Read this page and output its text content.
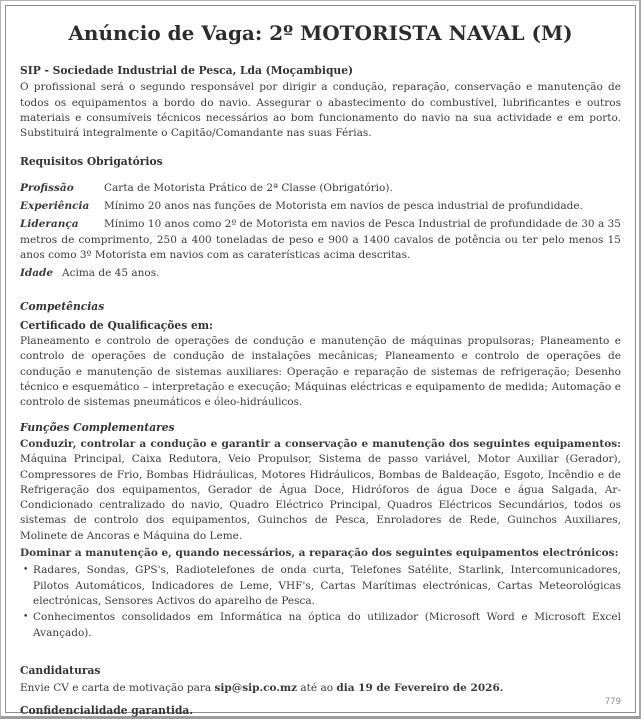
Anúncio de Vaga: 2º MOTORISTA NAVAL (M)
SIP - Sociedade Industrial de Pesca, Lda (Moçambique)

O profissional será o segundo responsável por dirigir a condução, reparação, conservação e manutenção de todos os equipamentos a bordo do navio. Assegurar o abastecimento do combustível, lubrificantes e outros materiais e consumíveis técnicos necessários ao bom funcionamento do navio na sua actividade e em porto. Substituirá integralmente o Capitão/Comandante nas suas Férias.

Requisitos Obrigatórios

Profissão	Carta de Motorista Prático de 2ª Classe (Obrigatório).

Experiência Mínimo 20 anos nas funções de Motorista em navios de pesca industrial de profundidade.

Liderança Mínimo 10 anos como 2º de Motorista em navios de Pesca Industrial de profundidade de 30 a 35 metros de comprimento, 250 a 400 toneladas de peso e 900 a 1400 cavalos de potência ou ter pelo menos 15 anos como 3º Motorista em navios com as caraterísticas acima descritas.

Idade Acima de 45 anos.

Competências
Certificado de Qualificações em:

Planeamento e controlo de operações de condução e manutenção de máquinas propulsoras; Planeamento e controlo de operações de condução de instalações mecânicas; Planeamento e controlo de operações de condução e manutenção de sistemas auxiliares: Operação e reparação de sistemas de refrigeração; Desenho técnico e esquemático – interpretação e execução; Máquinas eléctricas e equipamento de medida; Automação e controlo de sistemas pneumáticos e óleo-hidráulicos.

Funções Complementares

Conduzir, controlar a condução e garantir a conservação e manutenção dos seguintes equipamentos: Máquina Principal, Caixa Redutora, Veio Propulsor, Sistema de passo variável, Motor Auxiliar (Gerador), Compressores de Frio, Bombas Hidráulicas, Motores Hidráulicos, Bombas de Baldeação, Esgoto, Incêndio e de Refrigeração dos equipamentos, Gerador de Água Doce, Hidróforos de água Doce e água Salgada, Ar-Condicionado centralizado do navio, Quadro Eléctrico Principal, Quadros Eléctricos Secundários, todos os sistemas de controlo dos equipamentos, Guinchos de Pesca, Enroladores de Rede, Guinchos Auxiliares, Molinete de Ancoras e Máquina do Leme.

Dominar a manutenção e, quando necessários, a reparação dos seguintes equipamentos electrónicos:

• Radares, Sondas, GPS's, Radiotelefones de onda curta, Telefones Satélite, Starlink, Intercomunicadores, Pilotos Automáticos, Indicadores de Leme, VHF's, Cartas Marítimas electrónicas, Cartas Meteorológicas electrónicas, Sensores Activos do aparelho de Pesca.
• Conhecimentos consolidados em Informática na óptica do utilizador (Microsoft Word e Microsoft Excel Avançado).
Candidaturas

Envie CV e carta de motivação para sip@sip.co.mz até ao dia 19 de Fevereiro de 2026.

Confidencialidade garantida.
779
